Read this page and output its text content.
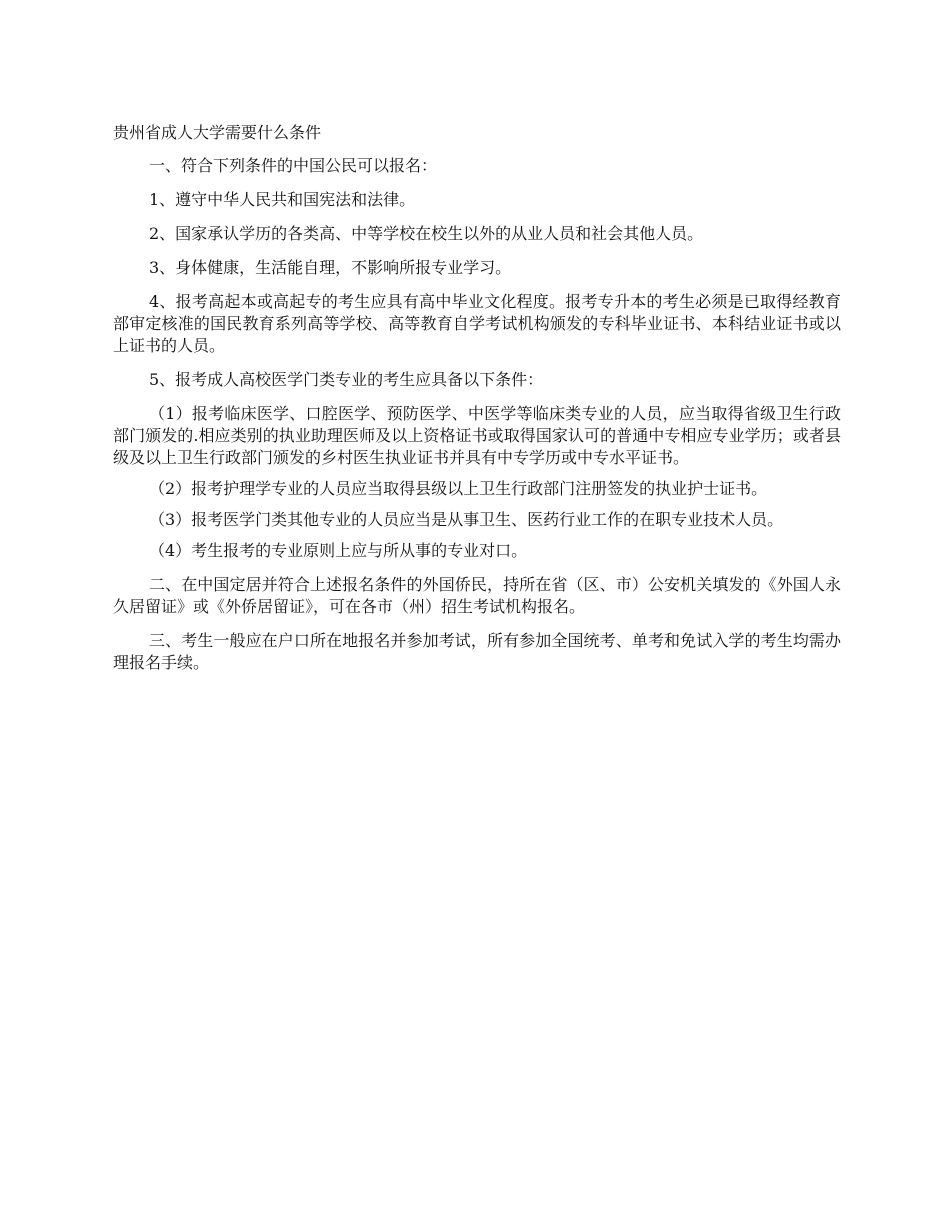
贵州省成人大学需要什么条件

一、符合下列条件的中国公民可以报名：

1、遵守中华人民共和国宪法和法律。

2、国家承认学历的各类高、中等学校在校生以外的从业人员和社会其他人员。

3、身体健康，生活能自理，不影响所报专业学习。

4、报考高起本或高起专的考生应具有高中毕业文化程度。报考专升本的考生必须是已取得经教育部审定核准的国民教育系列高等学校、高等教育自学考试机构颁发的专科毕业证书、本科结业证书或以上证书的人员。

5、报考成人高校医学门类专业的考生应具备以下条件：

（1）报考临床医学、口腔医学、预防医学、中医学等临床类专业的人员，应当取得省级卫生行政部门颁发的.相应类别的执业助理医师及以上资格证书或取得国家认可的普通中专相应专业学历；或者县级及以上卫生行政部门颁发的乡村医生执业证书并具有中专学历或中专水平证书。

（2）报考护理学专业的人员应当取得县级以上卫生行政部门注册签发的执业护士证书。

（3）报考医学门类其他专业的人员应当是从事卫生、医药行业工作的在职专业技术人员。

（4）考生报考的专业原则上应与所从事的专业对口。

二、在中国定居并符合上述报名条件的外国侨民，持所在省（区、市）公安机关填发的《外国人永久居留证》或《外侨居留证》，可在各市（州）招生考试机构报名。

三、考生一般应在户口所在地报名并参加考试，所有参加全国统考、单考和免试入学的考生均需办理报名手续。
